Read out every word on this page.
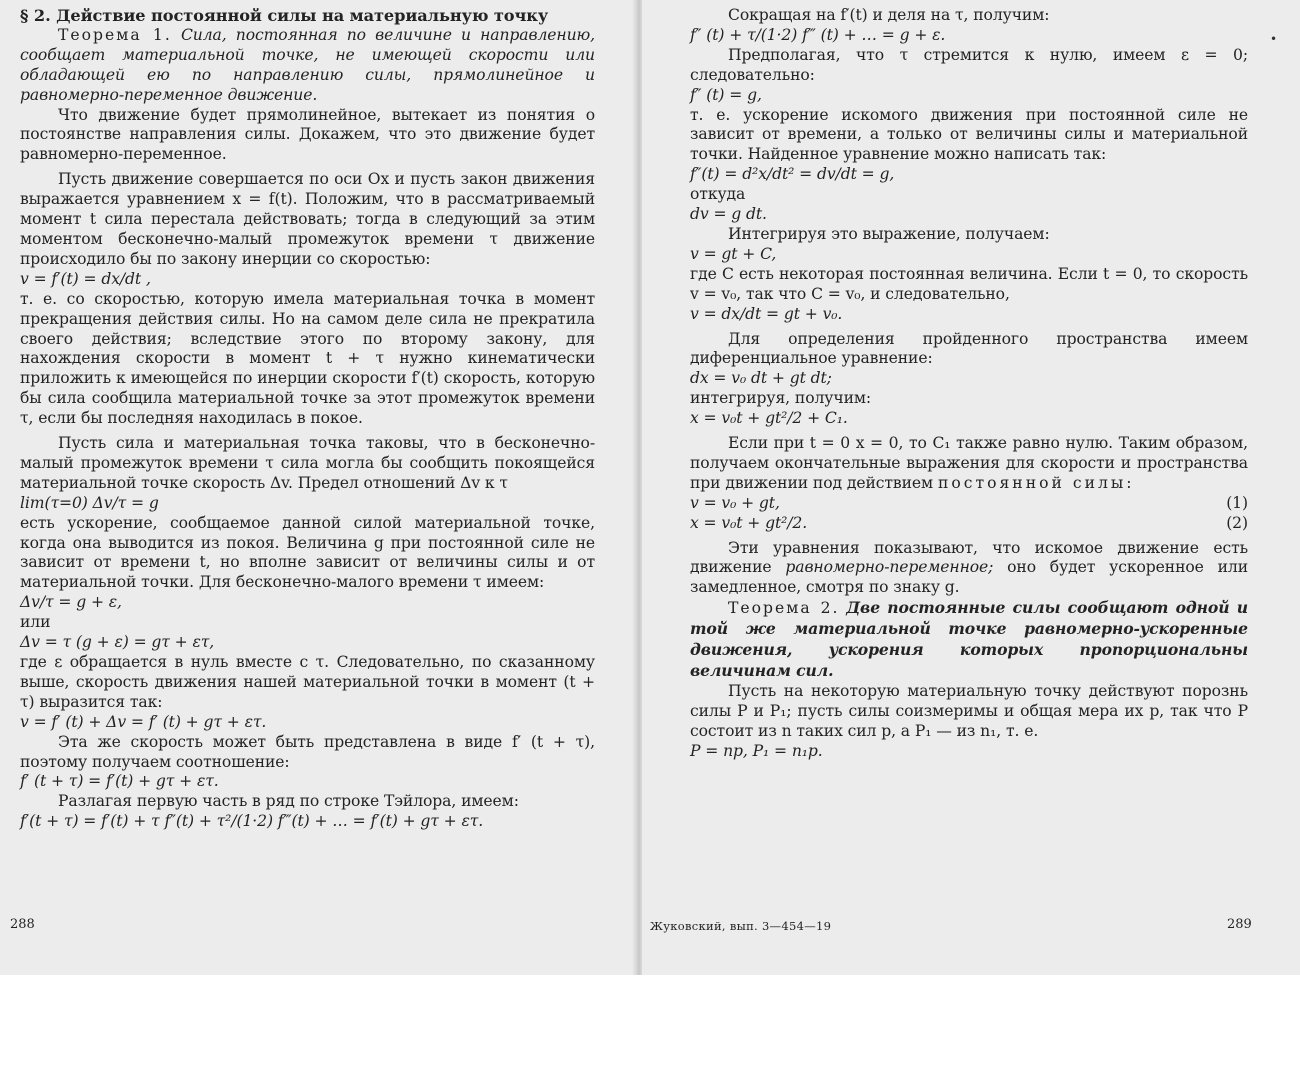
§ 2. Действие постоянной силы на материальную точку

Теорема 1. Сила, постоянная по величине и направлению, сообщает материальной точке, не имеющей скорости или обладающей ею по направлению силы, прямолинейное и равномерно-переменное движение.

Что движение будет прямолинейное, вытекает из понятия о постоянстве направления силы. Докажем, что это движение будет равномерно-переменное.

Пусть движение совершается по оси Ox и пусть закон движения выражается уравнением x = f(t). Положим, что в рассматриваемый момент t сила перестала действовать; тогда в следующий за этим моментом бесконечно-малый промежуток времени τ движение происходило бы по закону инерции со скоростью:

v = f′(t) = dx/dt ,

т. е. со скоростью, которую имела материальная точка в момент прекращения действия силы. Но на самом деле сила не прекратила своего действия; вследствие этого по второму закону, для нахождения скорости в момент t + τ нужно кинематически приложить к имеющейся по инерции скорости f′(t) скорость, которую бы сила сообщила материальной точке за этот промежуток времени τ, если бы последняя находилась в покое.

Пусть сила и материальная точка таковы, что в бесконечно-малый промежуток времени τ сила могла бы сообщить покоящейся материальной точке скорость Δv. Предел отношений Δv к τ

lim(τ=0) Δv/τ = g

есть ускорение, сообщаемое данной силой материальной точке, когда она выводится из покоя. Величина g при постоянной силе не зависит от времени t, но вполне зависит от величины силы и от материальной точки. Для бесконечно-малого времени τ имеем:

Δv/τ = g + ε,

или

Δv = τ (g + ε) = gτ + ετ,

где ε обращается в нуль вместе с τ. Следовательно, по сказанному выше, скорость движения нашей материальной точки в момент (t + τ) выразится так:

v = f′ (t) + Δv = f′ (t) + gτ + ετ.

Эта же скорость может быть представлена в виде f′ (t + τ), поэтому получаем соотношение:

f′ (t + τ) = f′(t) + gτ + ετ.

Разлагая первую часть в ряд по строке Тэйлора, имеем:

f′(t + τ) = f′(t) + τ f″(t) + τ²/(1·2) f‴(t) + … = f′(t) + gτ + ετ.

288

Сокращая на f′(t) и деля на τ, получим:

f″ (t) + τ/(1·2) f‴ (t) + … = g + ε.

Предполагая, что τ стремится к нулю, имеем ε = 0; следовательно:

f″ (t) = g,

т. е. ускорение искомого движения при постоянной силе не зависит от времени, а только от величины силы и материальной точки. Найденное уравнение можно написать так:

f″(t) = d²x/dt² = dv/dt = g,

откуда

dv = g dt.

Интегрируя это выражение, получаем:

v = gt + C,

где C есть некоторая постоянная величина. Если t = 0, то скорость v = v₀, так что C = v₀, и следовательно,

v = dx/dt = gt + v₀.

Для определения пройденного пространства имеем диференциальное уравнение:

dx = v₀ dt + gt dt;

интегрируя, получим:

x = v₀t + gt²/2 + C₁.

Если при t = 0 x = 0, то C₁ также равно нулю. Таким образом, получаем окончательные выражения для скорости и пространства при движении под действием постоянной силы:

v = v₀ + gt,	(1)

x = v₀t + gt²/2.	(2)

Эти уравнения показывают, что искомое движение есть движение равномерно-переменное; оно будет ускоренное или замедленное, смотря по знаку g.

Теорема 2. Две постоянные силы сообщают одной и той же материальной точке равномерно-ускоренные движения, ускорения которых пропорциональны величинам сил.

Пусть на некоторую материальную точку действуют порознь силы P и P₁; пусть силы соизмеримы и общая мера их p, так что P состоит из n таких сил p, а P₁ — из n₁, т. е.

P = np, P₁ = n₁p.

Жуковский, вып. 3—454—19	289
•
